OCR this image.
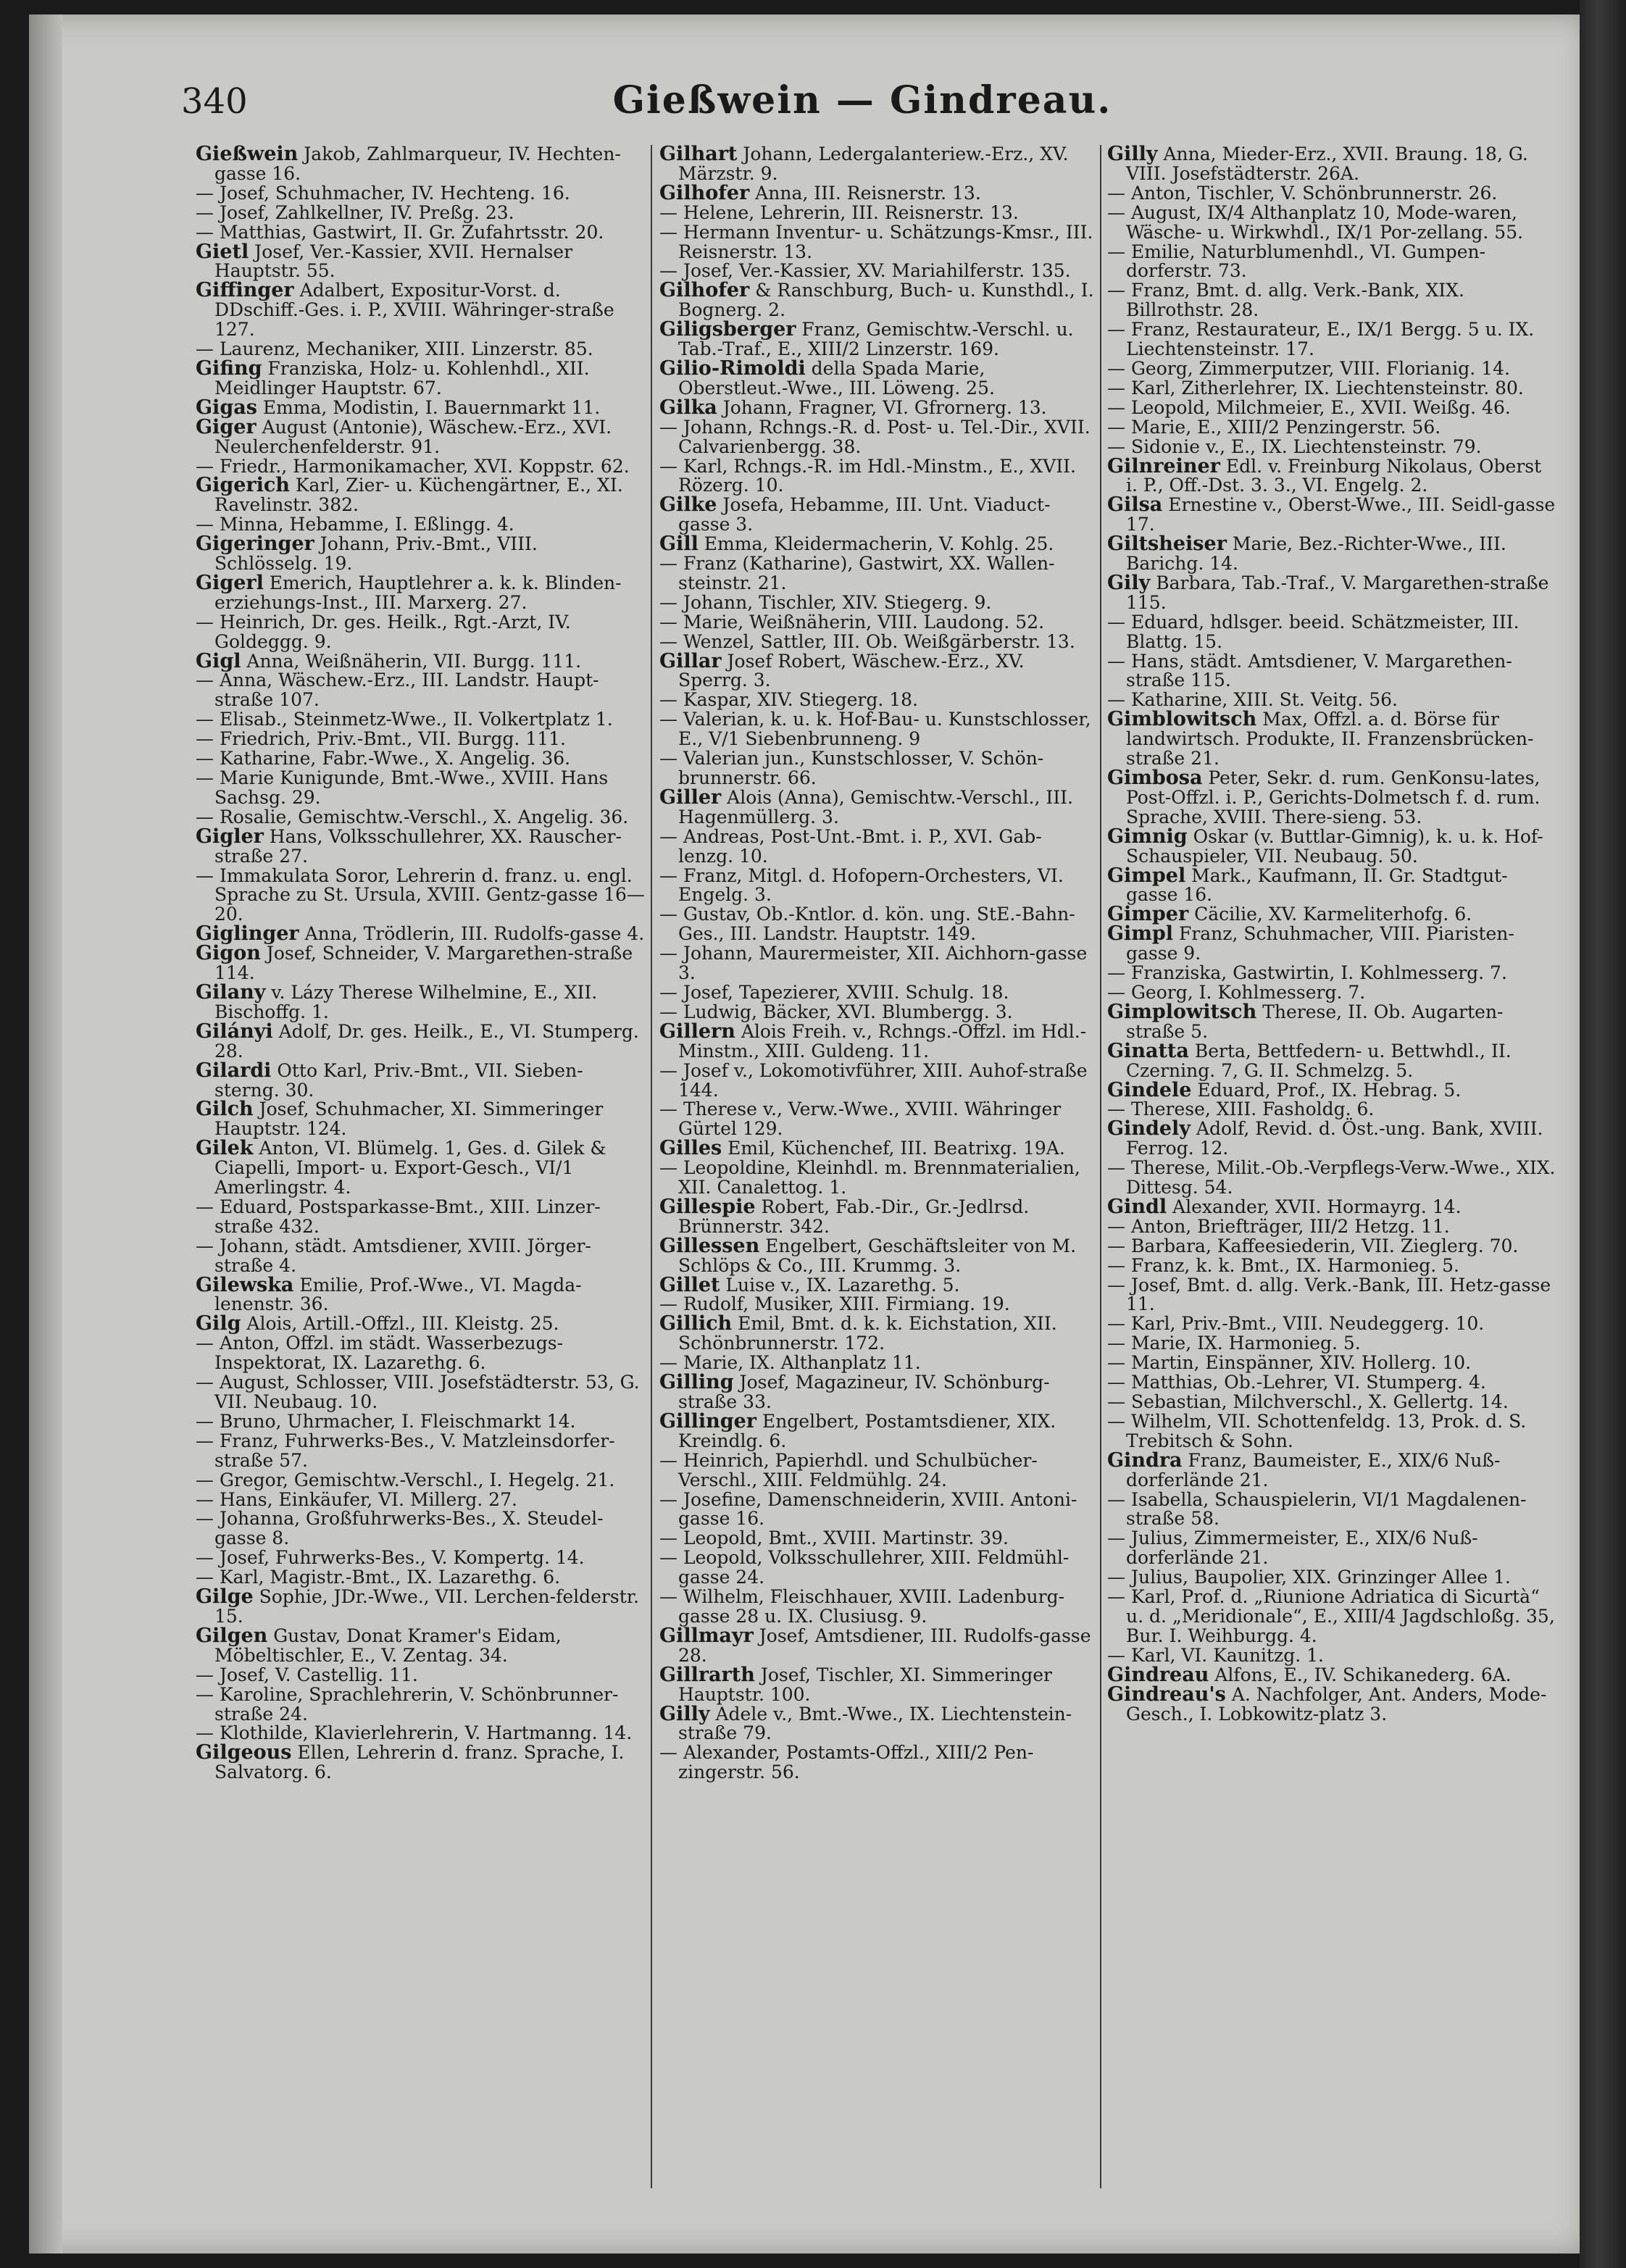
340	Gießwein — Gindreau.

Gießwein Jakob, Zahlmarqueur, IV. Hechten-gasse 16.

— Josef, Schuhmacher, IV. Hechteng. 16.

— Josef, Zahlkellner, IV. Preßg. 23.

— Matthias, Gastwirt, II. Gr. Zufahrtsstr. 20.

Gietl Josef, Ver.-Kassier, XVII. Hernalser Hauptstr. 55.

Giffinger Adalbert, Expositur-Vorst. d. DDschiff.-Ges. i. P., XVIII. Währinger-straße 127.

— Laurenz, Mechaniker, XIII. Linzerstr. 85.

Gifing Franziska, Holz- u. Kohlenhdl., XII. Meidlinger Hauptstr. 67.

Gigas Emma, Modistin, I. Bauernmarkt 11.

Giger August (Antonie), Wäschew.-Erz., XVI. Neulerchenfelderstr. 91.

— Friedr., Harmonikamacher, XVI. Koppstr. 62.

Gigerich Karl, Zier- u. Küchengärtner, E., XI. Ravelinstr. 382.

— Minna, Hebamme, I. Eßlingg. 4.

Gigeringer Johann, Priv.-Bmt., VIII. Schlösselg. 19.

Gigerl Emerich, Hauptlehrer a. k. k. Blinden-erziehungs-Inst., III. Marxerg. 27.

— Heinrich, Dr. ges. Heilk., Rgt.-Arzt, IV. Goldeggg. 9.

Gigl Anna, Weißnäherin, VII. Burgg. 111.

— Anna, Wäschew.-Erz., III. Landstr. Haupt-straße 107.

— Elisab., Steinmetz-Wwe., II. Volkertplatz 1.

— Friedrich, Priv.-Bmt., VII. Burgg. 111.

— Katharine, Fabr.-Wwe., X. Angelig. 36.

— Marie Kunigunde, Bmt.-Wwe., XVIII. Hans Sachsg. 29.

— Rosalie, Gemischtw.-Verschl., X. Angelig. 36.

Gigler Hans, Volksschullehrer, XX. Rauscher-straße 27.

— Immakulata Soror, Lehrerin d. franz. u. engl. Sprache zu St. Ursula, XVIII. Gentz-gasse 16—20.

Giglinger Anna, Trödlerin, III. Rudolfs-gasse 4.

Gigon Josef, Schneider, V. Margarethen-straße 114.

Gilany v. Lázy Therese Wilhelmine, E., XII. Bischoffg. 1.

Gilányi Adolf, Dr. ges. Heilk., E., VI. Stumperg. 28.

Gilardi Otto Karl, Priv.-Bmt., VII. Sieben-sterng. 30.

Gilch Josef, Schuhmacher, XI. Simmeringer Hauptstr. 124.

Gilek Anton, VI. Blümelg. 1, Ges. d. Gilek & Ciapelli, Import- u. Export-Gesch., VI/1 Amerlingstr. 4.

— Eduard, Postsparkasse-Bmt., XIII. Linzer-straße 432.

— Johann, städt. Amtsdiener, XVIII. Jörger-straße 4.

Gilewska Emilie, Prof.-Wwe., VI. Magda-lenenstr. 36.

Gilg Alois, Artill.-Offzl., III. Kleistg. 25.

— Anton, Offzl. im städt. Wasserbezugs-Inspektorat, IX. Lazarethg. 6.

— August, Schlosser, VIII. Josefstädterstr. 53, G. VII. Neubaug. 10.

— Bruno, Uhrmacher, I. Fleischmarkt 14.

— Franz, Fuhrwerks-Bes., V. Matzleinsdorfer-straße 57.

— Gregor, Gemischtw.-Verschl., I. Hegelg. 21.

— Hans, Einkäufer, VI. Millerg. 27.

— Johanna, Großfuhrwerks-Bes., X. Steudel-gasse 8.

— Josef, Fuhrwerks-Bes., V. Kompertg. 14.

— Karl, Magistr.-Bmt., IX. Lazarethg. 6.

Gilge Sophie, JDr.-Wwe., VII. Lerchen-felderstr. 15.

Gilgen Gustav, Donat Kramer's Eidam, Möbeltischler, E., V. Zentag. 34.

— Josef, V. Castellig. 11.

— Karoline, Sprachlehrerin, V. Schönbrunner-straße 24.

— Klothilde, Klavierlehrerin, V. Hartmanng. 14.

Gilgeous Ellen, Lehrerin d. franz. Sprache, I. Salvatorg. 6.

Gilhart Johann, Ledergalanteriew.-Erz., XV. Märzstr. 9.

Gilhofer Anna, III. Reisnerstr. 13.

— Helene, Lehrerin, III. Reisnerstr. 13.

— Hermann Inventur- u. Schätzungs-Kmsr., III. Reisnerstr. 13.

— Josef, Ver.-Kassier, XV. Mariahilferstr. 135.

Gilhofer & Ranschburg, Buch- u. Kunsthdl., I. Bognerg. 2.

Giligsberger Franz, Gemischtw.-Verschl. u. Tab.-Traf., E., XIII/2 Linzerstr. 169.

Gilio-Rimoldi della Spada Marie, Oberstleut.-Wwe., III. Löweng. 25.

Gilka Johann, Fragner, VI. Gfrornerg. 13.

— Johann, Rchngs.-R. d. Post- u. Tel.-Dir., XVII. Calvarienbergg. 38.

— Karl, Rchngs.-R. im Hdl.-Minstm., E., XVII. Rözerg. 10.

Gilke Josefa, Hebamme, III. Unt. Viaduct-gasse 3.

Gill Emma, Kleidermacherin, V. Kohlg. 25.

— Franz (Katharine), Gastwirt, XX. Wallen-steinstr. 21.

— Johann, Tischler, XIV. Stiegerg. 9.

— Marie, Weißnäherin, VIII. Laudong. 52.

— Wenzel, Sattler, III. Ob. Weißgärberstr. 13.

Gillar Josef Robert, Wäschew.-Erz., XV. Sperrg. 3.

— Kaspar, XIV. Stiegerg. 18.

— Valerian, k. u. k. Hof-Bau- u. Kunstschlosser, E., V/1 Siebenbrunneng. 9

— Valerian jun., Kunstschlosser, V. Schön-brunnerstr. 66.

Giller Alois (Anna), Gemischtw.-Verschl., III. Hagenmüllerg. 3.

— Andreas, Post-Unt.-Bmt. i. P., XVI. Gab-lenzg. 10.

— Franz, Mitgl. d. Hofopern-Orchesters, VI. Engelg. 3.

— Gustav, Ob.-Kntlor. d. kön. ung. StE.-Bahn-Ges., III. Landstr. Hauptstr. 149.

— Johann, Maurermeister, XII. Aichhorn-gasse 3.

— Josef, Tapezierer, XVIII. Schulg. 18.

— Ludwig, Bäcker, XVI. Blumbergg. 3.

Gillern Alois Freih. v., Rchngs.-Offzl. im Hdl.-Minstm., XIII. Guldeng. 11.

— Josef v., Lokomotivführer, XIII. Auhof-straße 144.

— Therese v., Verw.-Wwe., XVIII. Währinger Gürtel 129.

Gilles Emil, Küchenchef, III. Beatrixg. 19A.

— Leopoldine, Kleinhdl. m. Brennmaterialien, XII. Canalettog. 1.

Gillespie Robert, Fab.-Dir., Gr.-Jedlrsd. Brünnerstr. 342.

Gillessen Engelbert, Geschäftsleiter von M. Schlöps & Co., III. Krummg. 3.

Gillet Luise v., IX. Lazarethg. 5.

— Rudolf, Musiker, XIII. Firmiang. 19.

Gillich Emil, Bmt. d. k. k. Eichstation, XII. Schönbrunnerstr. 172.

— Marie, IX. Althanplatz 11.

Gilling Josef, Magazineur, IV. Schönburg-straße 33.

Gillinger Engelbert, Postamtsdiener, XIX. Kreindlg. 6.

— Heinrich, Papierhdl. und Schulbücher-Verschl., XIII. Feldmühlg. 24.

— Josefine, Damenschneiderin, XVIII. Antoni-gasse 16.

— Leopold, Bmt., XVIII. Martinstr. 39.

— Leopold, Volksschullehrer, XIII. Feldmühl-gasse 24.

— Wilhelm, Fleischhauer, XVIII. Ladenburg-gasse 28 u. IX. Clusiusg. 9.

Gillmayr Josef, Amtsdiener, III. Rudolfs-gasse 28.

Gillrarth Josef, Tischler, XI. Simmeringer Hauptstr. 100.

Gilly Adele v., Bmt.-Wwe., IX. Liechtenstein-straße 79.

— Alexander, Postamts-Offzl., XIII/2 Pen-zingerstr. 56.

Gilly Anna, Mieder-Erz., XVII. Braung. 18, G. VIII. Josefstädterstr. 26A.

— Anton, Tischler, V. Schönbrunnerstr. 26.

— August, IX/4 Althanplatz 10, Mode-waren, Wäsche- u. Wirkwhdl., IX/1 Por-zellang. 55.

— Emilie, Naturblumenhdl., VI. Gumpen-dorferstr. 73.

— Franz, Bmt. d. allg. Verk.-Bank, XIX. Billrothstr. 28.

— Franz, Restaurateur, E., IX/1 Bergg. 5 u. IX. Liechtensteinstr. 17.

— Georg, Zimmerputzer, VIII. Florianig. 14.

— Karl, Zitherlehrer, IX. Liechtensteinstr. 80.

— Leopold, Milchmeier, E., XVII. Weißg. 46.

— Marie, E., XIII/2 Penzingerstr. 56.

— Sidonie v., E., IX. Liechtensteinstr. 79.

Gilnreiner Edl. v. Freinburg Nikolaus, Oberst i. P., Off.-Dst. 3. 3., VI. Engelg. 2.

Gilsa Ernestine v., Oberst-Wwe., III. Seidl-gasse 17.

Giltsheiser Marie, Bez.-Richter-Wwe., III. Barichg. 14.

Gily Barbara, Tab.-Traf., V. Margarethen-straße 115.

— Eduard, hdlsger. beeid. Schätzmeister, III. Blattg. 15.

— Hans, städt. Amtsdiener, V. Margarethen-straße 115.

— Katharine, XIII. St. Veitg. 56.

Gimblowitsch Max, Offzl. a. d. Börse für landwirtsch. Produkte, II. Franzensbrücken-straße 21.

Gimbosa Peter, Sekr. d. rum. GenKonsu-lates, Post-Offzl. i. P., Gerichts-Dolmetsch f. d. rum. Sprache, XVIII. There-sieng. 53.

Gimnig Oskar (v. Buttlar-Gimnig), k. u. k. Hof-Schauspieler, VII. Neubaug. 50.

Gimpel Mark., Kaufmann, II. Gr. Stadtgut-gasse 16.

Gimper Cäcilie, XV. Karmeliterhofg. 6.

Gimpl Franz, Schuhmacher, VIII. Piaristen-gasse 9.

— Franziska, Gastwirtin, I. Kohlmesserg. 7.

— Georg, I. Kohlmesserg. 7.

Gimplowitsch Therese, II. Ob. Augarten-straße 5.

Ginatta Berta, Bettfedern- u. Bettwhdl., II. Czerning. 7, G. II. Schmelzg. 5.

Gindele Eduard, Prof., IX. Hebrag. 5.

— Therese, XIII. Fasholdg. 6.

Gindely Adolf, Revid. d. Öst.-ung. Bank, XVIII. Ferrog. 12.

— Therese, Milit.-Ob.-Verpflegs-Verw.-Wwe., XIX. Dittesg. 54.

Gindl Alexander, XVII. Hormayrg. 14.

— Anton, Briefträger, III/2 Hetzg. 11.

— Barbara, Kaffeesiederin, VII. Zieglerg. 70.

— Franz, k. k. Bmt., IX. Harmonieg. 5.

— Josef, Bmt. d. allg. Verk.-Bank, III. Hetz-gasse 11.

— Karl, Priv.-Bmt., VIII. Neudeggerg. 10.

— Marie, IX. Harmonieg. 5.

— Martin, Einspänner, XIV. Hollerg. 10.

— Matthias, Ob.-Lehrer, VI. Stumperg. 4.

— Sebastian, Milchverschl., X. Gellertg. 14.

— Wilhelm, VII. Schottenfeldg. 13, Prok. d. S. Trebitsch & Sohn.

Gindra Franz, Baumeister, E., XIX/6 Nuß-dorferlände 21.

— Isabella, Schauspielerin, VI/1 Magdalenen-straße 58.

— Julius, Zimmermeister, E., XIX/6 Nuß-dorferlände 21.

— Julius, Baupolier, XIX. Grinzinger Allee 1.

— Karl, Prof. d. „Riunione Adriatica di Sicurtà“ u. d. „Meridionale“, E., XIII/4 Jagdschloßg. 35, Bur. I. Weihburgg. 4.

— Karl, VI. Kaunitzg. 1.

Gindreau Alfons, E., IV. Schikanederg. 6A.

Gindreau's A. Nachfolger, Ant. Anders, Mode-Gesch., I. Lobkowitz-platz 3.
